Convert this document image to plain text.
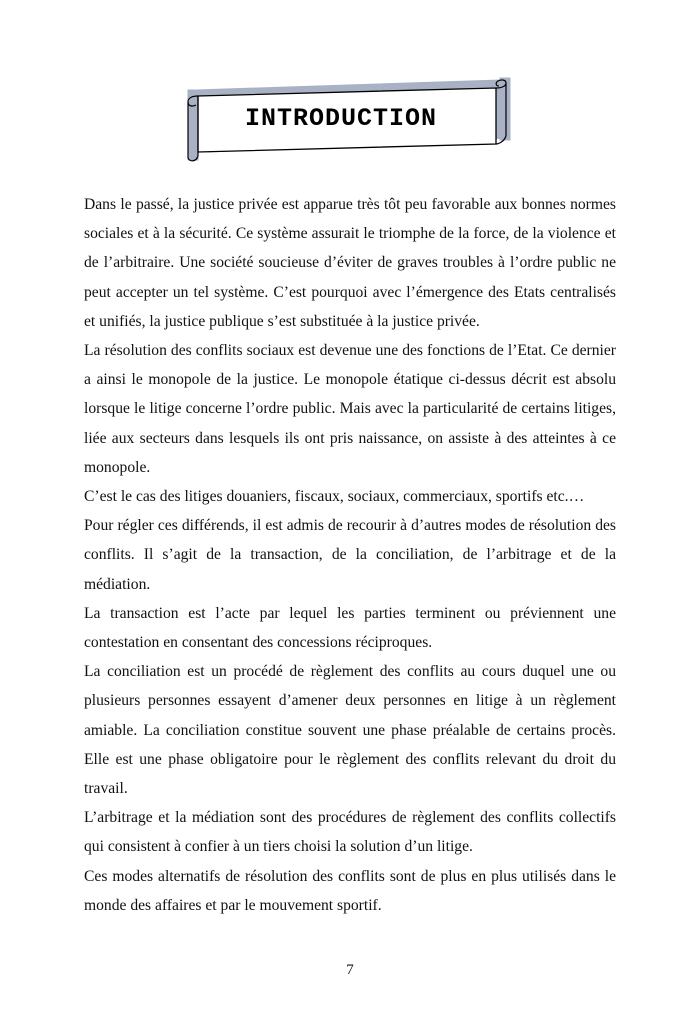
INTRODUCTION

Dans le passé, la justice privée est apparue très tôt peu favorable aux bonnes normes sociales et à la sécurité. Ce système assurait le triomphe de la force, de la violence et de l’arbitraire. Une société soucieuse d’éviter de graves troubles à l’ordre public ne peut accepter un tel système. C’est pourquoi avec l’émergence des Etats centralisés et unifiés, la justice publique s’est substituée à la justice privée.

La résolution des conflits sociaux est devenue une des fonctions de l’Etat. Ce dernier a ainsi le monopole de la justice. Le monopole étatique ci-dessus décrit est absolu lorsque le litige concerne l’ordre public. Mais avec la particularité de certains litiges, liée aux secteurs dans lesquels ils ont pris naissance, on assiste à des atteintes à ce monopole.

C’est le cas des litiges douaniers, fiscaux, sociaux, commerciaux, sportifs etc.…

Pour régler ces différends, il est admis de recourir à d’autres modes de résolution des conflits. Il s’agit de la transaction, de la conciliation, de l’arbitrage et de la médiation.

La transaction est l’acte par lequel les parties terminent ou préviennent une contestation en consentant des concessions réciproques.

La conciliation est un procédé de règlement des conflits au cours duquel une ou plusieurs personnes essayent d’amener deux personnes en litige à un règlement amiable. La conciliation constitue souvent une phase préalable de certains procès. Elle est une phase obligatoire pour le règlement des conflits relevant du droit du travail.

L’arbitrage et la médiation sont des procédures de règlement des conflits collectifs qui consistent à confier à un tiers choisi la solution d’un litige.

Ces modes alternatifs de résolution des conflits sont de plus en plus utilisés dans le monde des affaires et par le mouvement sportif.

7
